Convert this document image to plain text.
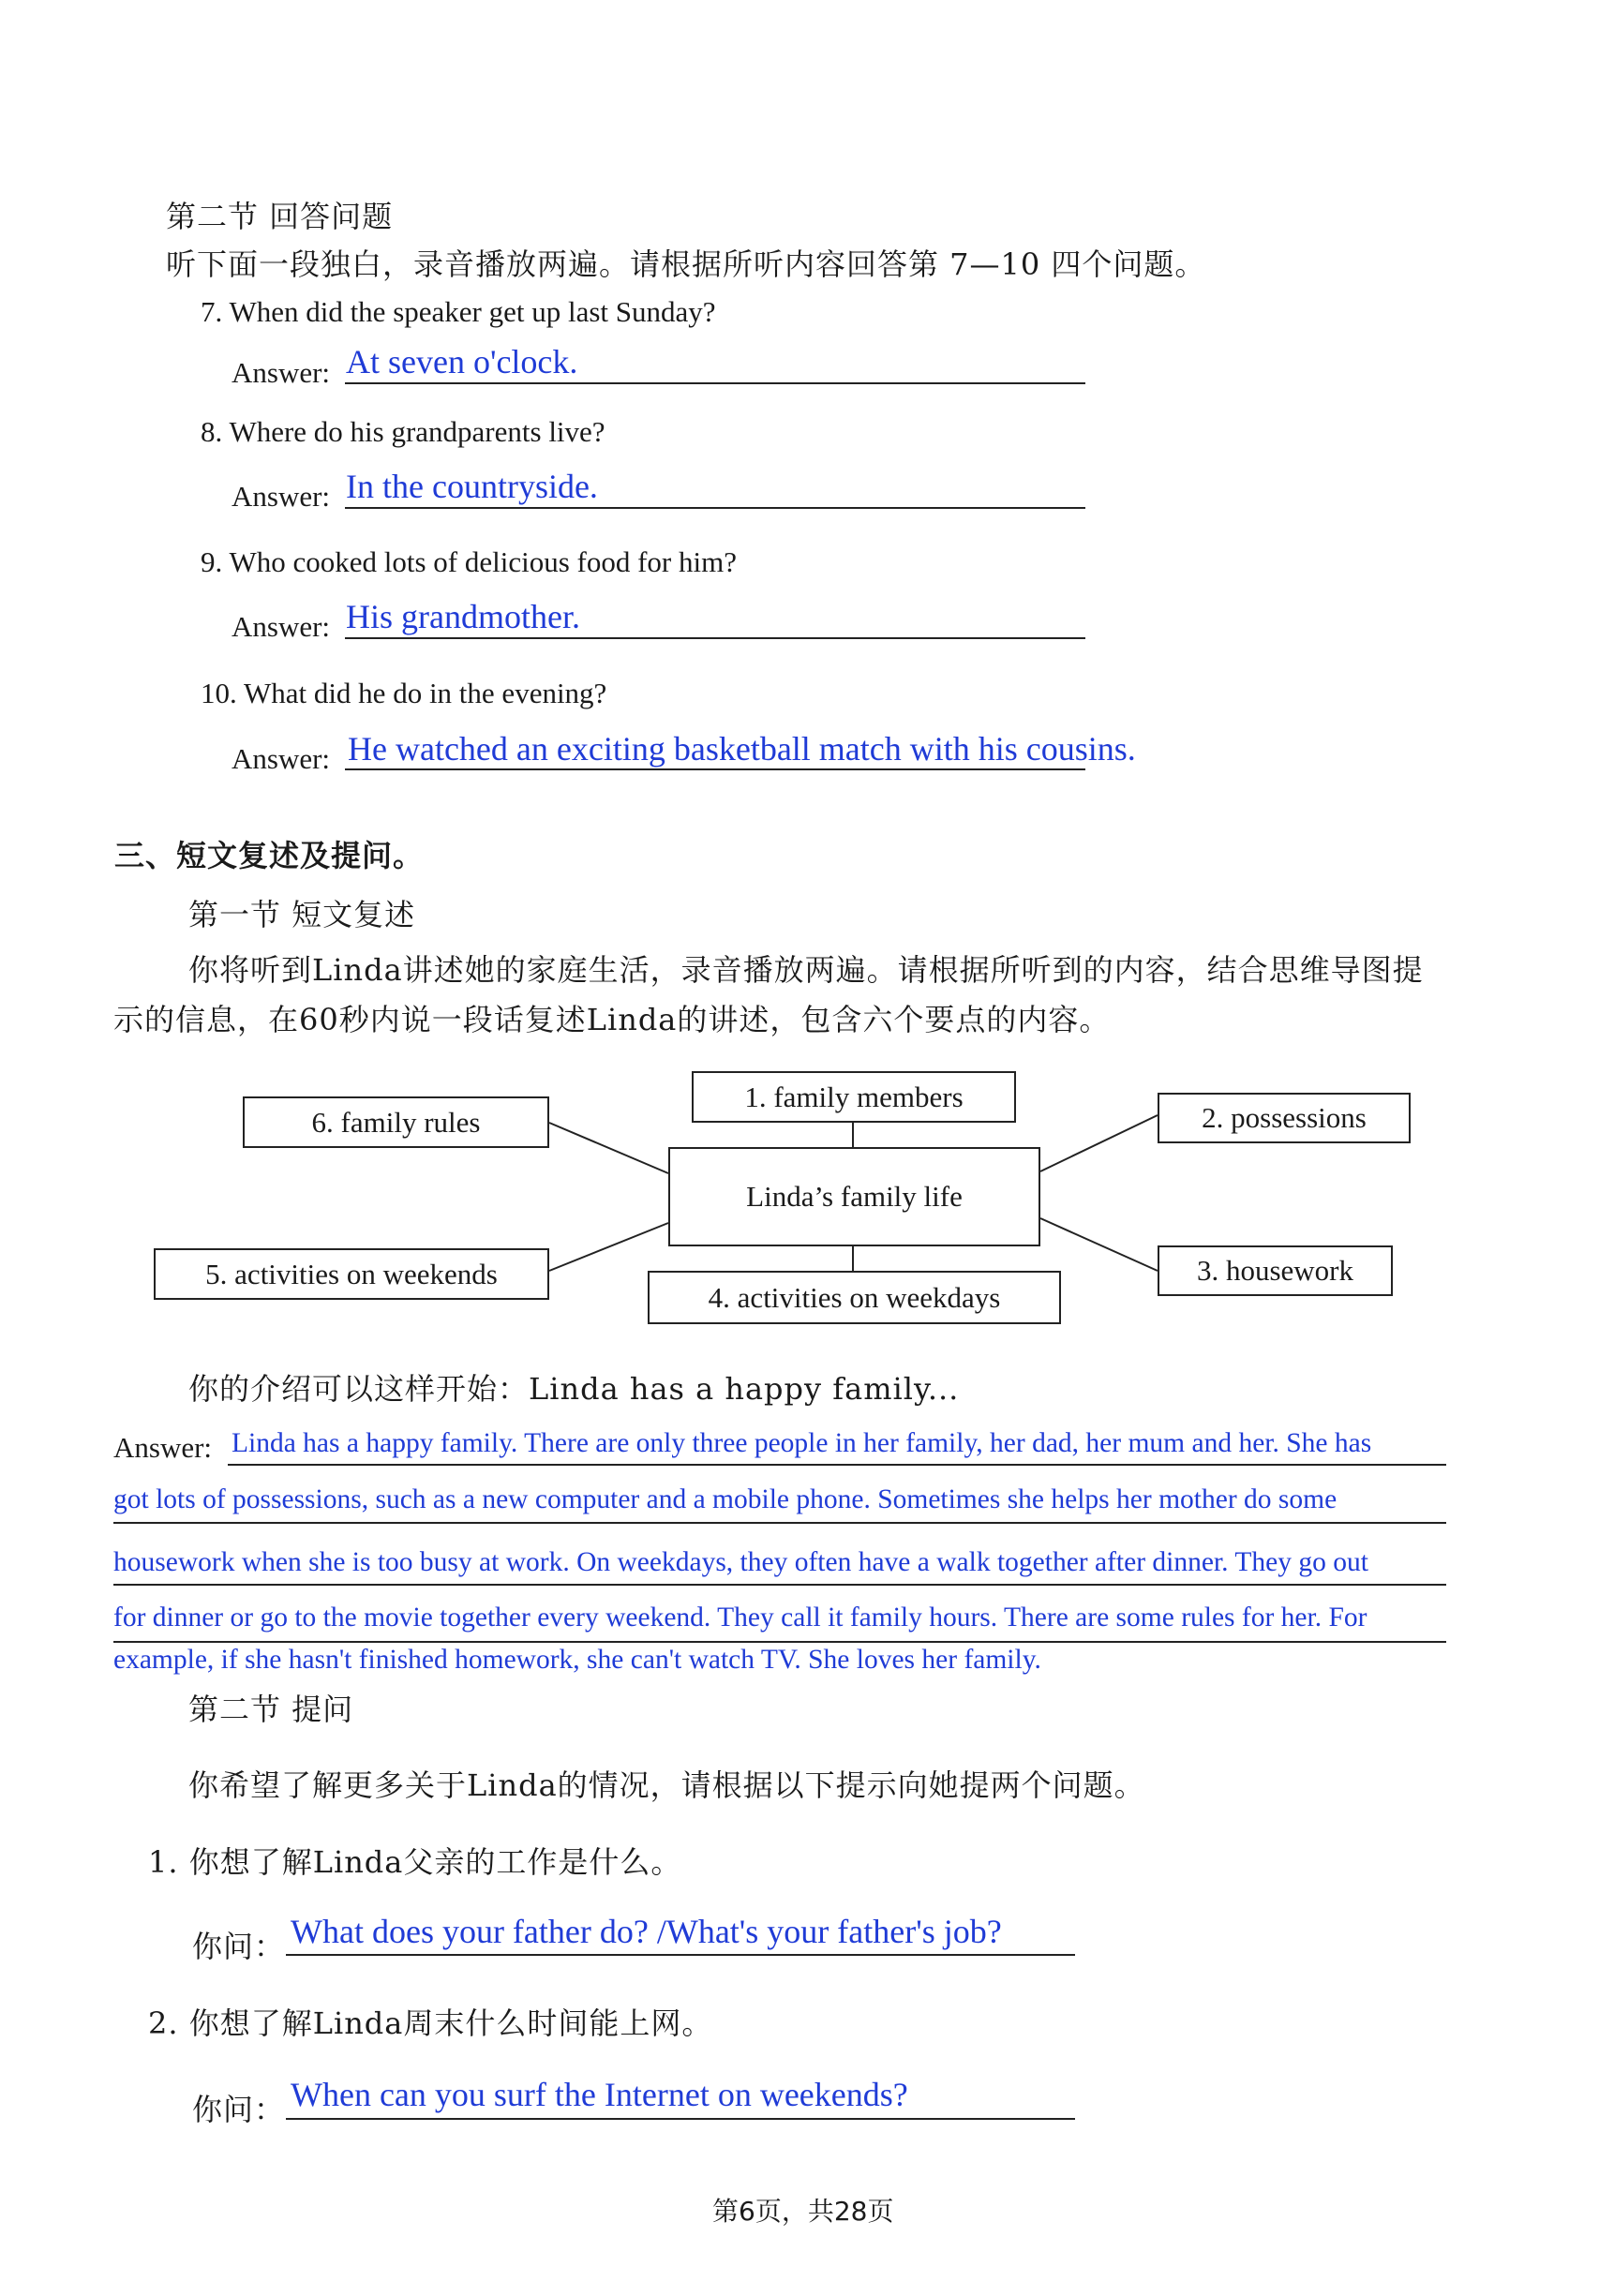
第二节 回答问题
听下面一段独白，录音播放两遍。请根据所听内容回答第 7—10 四个问题。
7. When did the speaker get up last Sunday?
Answer: At seven o'clock.
8. Where do his grandparents live?
Answer: In the countryside.
9. Who cooked lots of delicious food for him?
Answer: His grandmother.
10. What did he do in the evening?
Answer: He watched an exciting basketball match with his cousins.
三、短文复述及提问。
第一节 短文复述
你将听到Linda讲述她的家庭生活，录音播放两遍。请根据所听到的内容，结合思维导图提
示的信息，在60秒内说一段话复述Linda的讲述，包含六个要点的内容。
Linda’s family life
1. family members
2. possessions
3. housework
4. activities on weekdays
5. activities on weekends
6. family rules
你的介绍可以这样开始：Linda has a happy family...
Answer: Linda has a happy family. There are only three people in her family, her dad, her mum and her. She has
got lots of possessions, such as a new computer and a mobile phone. Sometimes she helps her mother do some
housework when she is too busy at work. On weekdays, they often have a walk together after dinner. They go out
for dinner or go to the movie together every weekend. They call it family hours. There are some rules for her. For
example, if she hasn't finished homework, she can't watch TV. She loves her family.
第二节 提问
你希望了解更多关于Linda的情况，请根据以下提示向她提两个问题。
1. 你想了解Linda父亲的工作是什么。
你问： What does your father do? /What's your father's job?
2. 你想了解Linda周末什么时间能上网。
你问： When can you surf the Internet on weekends?
第6页，共28页
